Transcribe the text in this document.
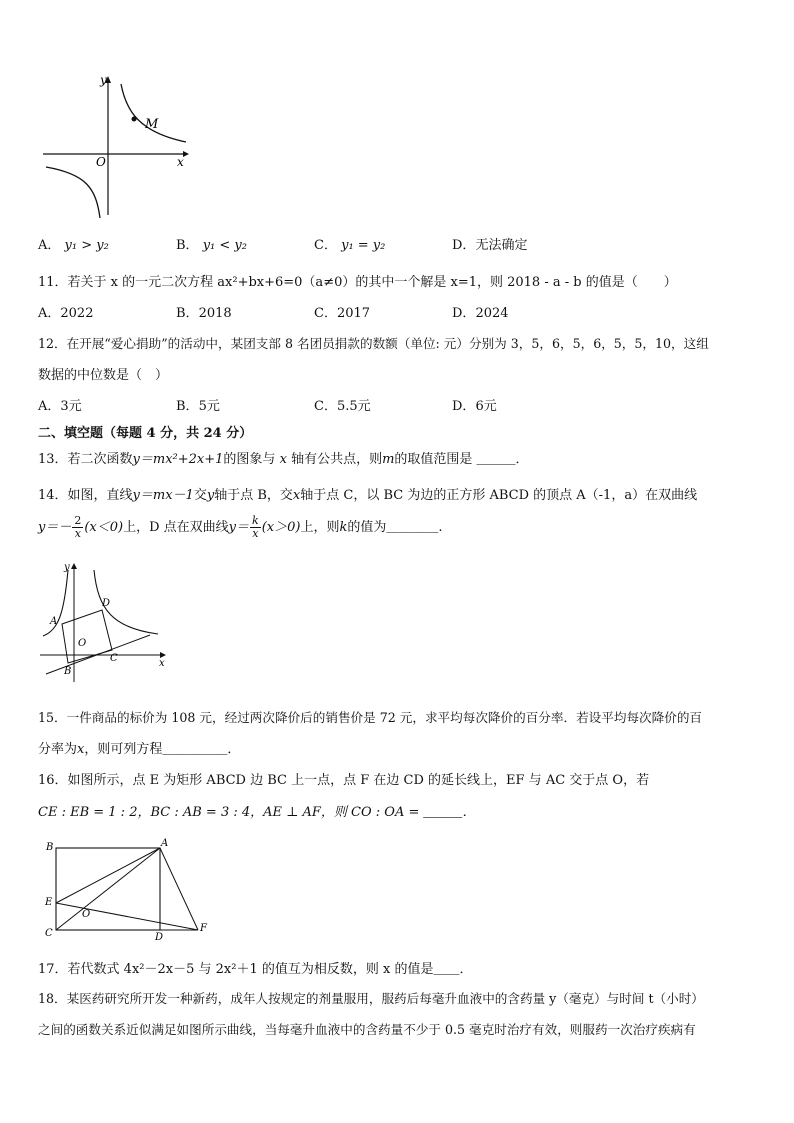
y
x
O
M
A． y₁ > y₂	B． y₁ < y₂	C． y₁ = y₂	D．无法确定
11．若关于 x 的一元二次方程 ax²+bx+6=0（a≠0）的其中一个解是 x=1，则 2018 - a - b 的值是（　　）
A．2022	B．2018	C．2017	D．2024
12．在开展“爱心捐助”的活动中，某团支部 8 名团员捐款的数额（单位: 元）分别为 3，5，6，5，6，5，5，10，这组
数据的中位数是（　）
A．3元	B．5元	C．5.5元	D．6元
二、填空题（每题 4 分，共 24 分）
13．若二次函数y＝mx²+2x+1的图象与 x 轴有公共点，则m的取值范围是 ＿＿＿．
14．如图，直线y＝mx－1交y轴于点 B，交x轴于点 C，以 BC 为边的正方形 ABCD 的顶点 A（-1，a）在双曲线
$y=- \frac{2}{x} (x<0)$上，D 点在双曲线$y= \frac{k}{x} (x>0)$上，则k的值为＿＿＿＿.
y
x
A
D
O
C
B
15．一件商品的标价为 108 元，经过两次降价后的销售价是 72 元，求平均每次降价的百分率．若设平均每次降价的百
分率为x，则可列方程＿＿＿＿＿．
16．如图所示，点 E 为矩形 ABCD 边 BC 上一点，点 F 在边 CD 的延长线上，EF 与 AC 交于点 O，若
CE : EB = 1 : 2，BC : AB = 3 : 4，AE ⊥ AF，则 CO : OA = ＿＿＿．
B	A
E
O
C	D
F
17．若代数式 4x²－2x－5 与 2x²＋1 的值互为相反数，则 x 的值是＿＿．
18．某医药研究所开发一种新药，成年人按规定的剂量服用，服药后每毫升血液中的含药量 y（毫克）与时间 t（小时）
之间的函数关系近似满足如图所示曲线，当每毫升血液中的含药量不少于 0.5 毫克时治疗有效，则服药一次治疗疾病有
